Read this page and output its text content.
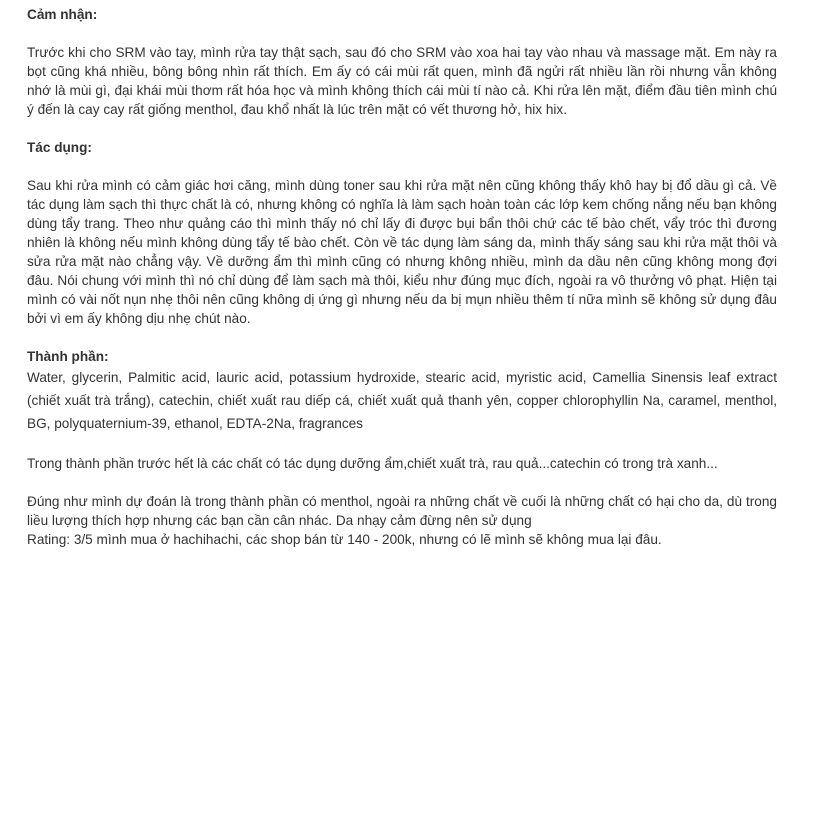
Cảm nhận:

Trước khi cho SRM vào tay, mình rửa tay thật sạch, sau đó cho SRM vào xoa hai tay vào nhau và massage mặt. Em này ra bọt cũng khá nhiều, bông bông nhìn rất thích. Em ấy có cái mùi rất quen, mình đã ngửi rất nhiều lần rồi nhưng vẫn không nhớ là mùi gì, đại khái mùi thơm rất hóa học và mình không thích cái mùi tí nào cả. Khi rửa lên mặt, điểm đầu tiên mình chú ý đến là cay cay rất giống menthol, đau khổ nhất là lúc trên mặt có vết thương hở, hix hix.

Tác dụng:

Sau khi rửa mình có cảm giác hơi căng, mình dùng toner sau khi rửa mặt nên cũng không thấy khô hay bị đổ dầu gì cả. Về tác dụng làm sạch thì thực chất là có, nhưng không có nghĩa là làm sạch hoàn toàn các lớp kem chống nắng nếu bạn không dùng tẩy trang. Theo như quảng cáo thì mình thấy nó chỉ lấy đi được bụi bẩn thôi chứ các tế bào chết, vẩy tróc thì đương nhiên là không nếu mình không dùng tẩy tế bào chết. Còn về tác dụng làm sáng da, mình thấy sáng sau khi rửa mặt thôi và sửa rửa mặt nào chẳng vậy. Về dưỡng ẩm thì mình cũng có nhưng không nhiều, mình da dầu nên cũng không mong đợi đâu. Nói chung với mình thì nó chỉ dùng để làm sạch mà thôi, kiểu như đúng mục đích, ngoài ra vô thưởng vô phạt. Hiện tại mình có vài nốt nụn nhẹ thôi nên cũng không dị ứng gì nhưng nếu da bị mụn nhiều thêm tí nữa mình sẽ không sử dụng đâu bởi vì em ấy không dịu nhẹ chút nào.

Thành phần:

Water, glycerin, Palmitic acid, lauric acid, potassium hydroxide, stearic acid, myristic acid, Camellia Sinensis leaf extract (chiết xuất trà trắng), catechin, chiết xuất rau diếp cá, chiết xuất quả thanh yên, copper chlorophyllin Na, caramel, menthol, BG, polyquaternium-39, ethanol, EDTA-2Na, fragrances

Trong thành phần trước hết là các chất có tác dụng dưỡng ẩm,chiết xuất trà, rau quả...catechin có trong trà xanh...

Đúng như mình dự đoán là trong thành phần có menthol, ngoài ra những chất về cuối là những chất có hại cho da, dù trong liều lượng thích hợp nhưng các bạn cần cân nhác. Da nhạy cảm đừng nên sử dụng

Rating: 3/5 mình mua ở hachihachi, các shop bán từ 140 - 200k, nhưng có lẽ mình sẽ không mua lại đâu.
